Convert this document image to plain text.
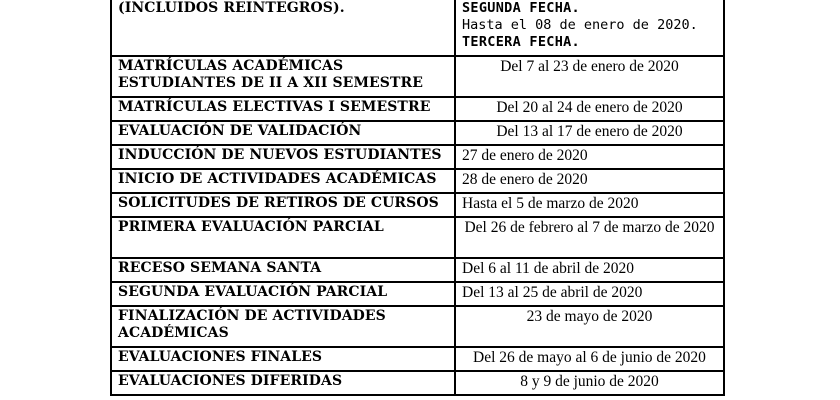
(INCLUIDOS REINTEGROS).	SEGUNDA FECHA.
Hasta el 08 de enero de 2020.
TERCERA FECHA.

MATRÍCULAS ACADÉMICAS ESTUDIANTES DE II A XII SEMESTRE	Del 7 al 23 de enero de 2020
MATRÍCULAS ELECTIVAS I SEMESTRE	Del 20 al 24 de enero de 2020
EVALUACIÓN DE VALIDACIÓN	Del 13 al 17 de enero de 2020
INDUCCIÓN DE NUEVOS ESTUDIANTES	27 de enero de 2020
INICIO DE ACTIVIDADES ACADÉMICAS	28 de enero de 2020
SOLICITUDES DE RETIROS DE CURSOS	Hasta el 5 de marzo de 2020
PRIMERA EVALUACIÓN PARCIAL	Del 26 de febrero al 7 de marzo de 2020
RECESO SEMANA SANTA	Del 6 al 11 de abril de 2020
SEGUNDA EVALUACIÓN PARCIAL	Del 13 al 25 de abril de 2020
FINALIZACIÓN DE ACTIVIDADES ACADÉMICAS	23 de mayo de 2020
EVALUACIONES FINALES	Del 26 de mayo al 6 de junio de 2020
EVALUACIONES DIFERIDAS	8 y 9 de junio de 2020
